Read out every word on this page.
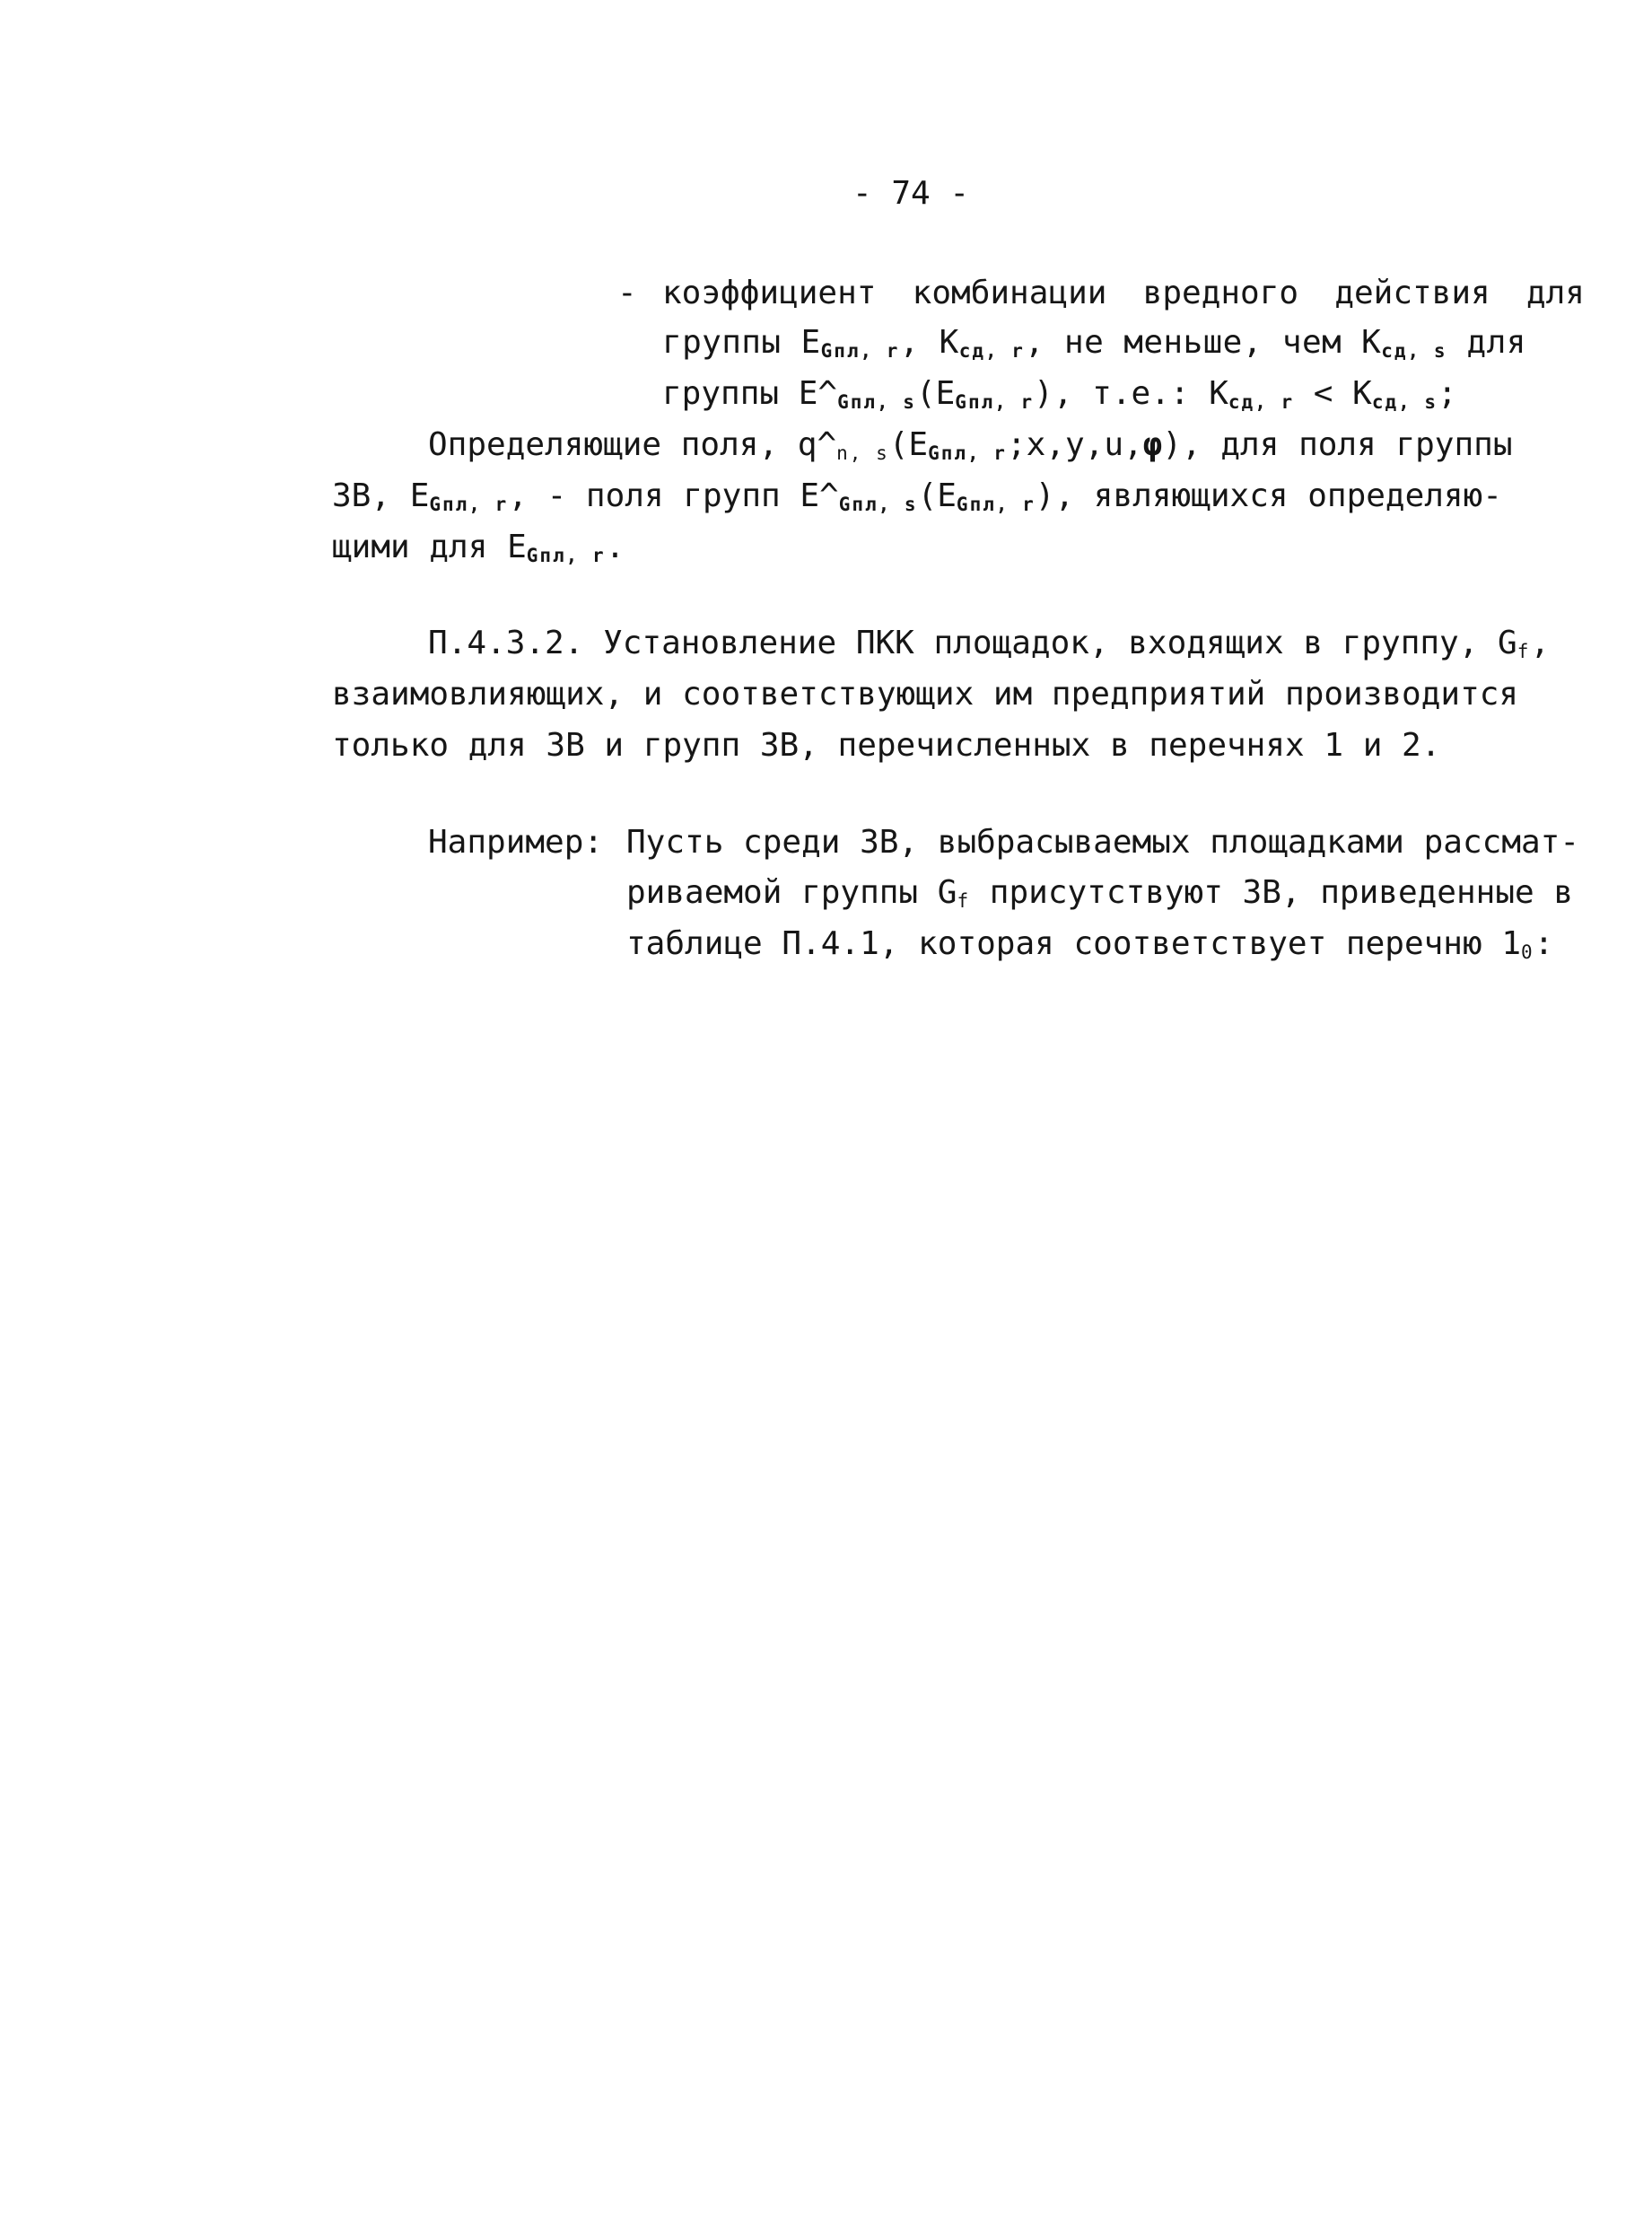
- 74 -
- коэффициент комбинации вредного действия для
группы $E_{Gпл, r}$, $K_{сд, r}$, не меньше, чем $K_{сд, s}$ для
группы $E\^{}_{Gпл, s}(E_{Gпл, r})$, т.е.: $K_{сд, r} < K_{сд, s}$;
Определяющие поля, $q\^{}_{n, s}(E_{Gпл, r};x,y,u,\varphi)$, для поля группы
ЗВ, $E_{Gпл, r}$, - поля групп $E\^{}_{Gпл, s}(E_{Gпл, r})$, являющихся определяю-
щими для $E_{Gпл, r}$.
П.4.3.2. Установление ПКК площадок, входящих в группу, $G_f$,
взаимовлияющих, и соответствующих им предприятий производится
только для ЗВ и групп ЗВ, перечисленных в перечнях 1 и 2.
Например: Пусть среди ЗВ, выбрасываемых площадками рассмат-
риваемой группы $G_f$ присутствуют ЗВ, приведенные в
таблице П.4.1, которая соответствует перечню $1_0$:
